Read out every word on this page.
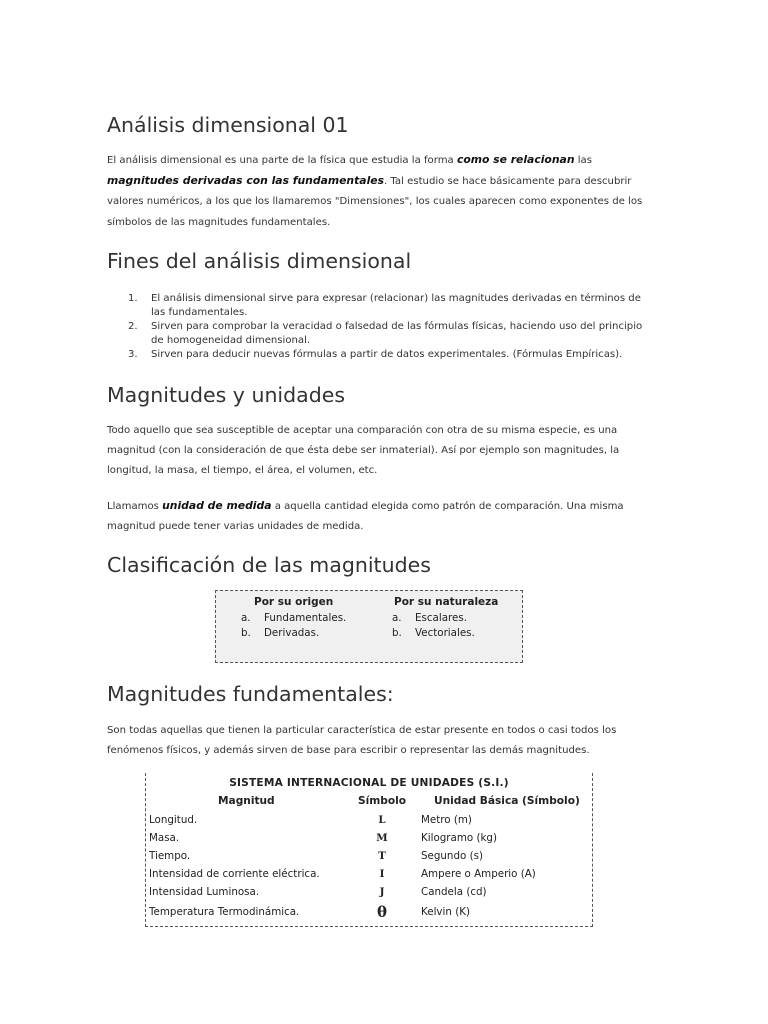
Análisis dimensional 01

El análisis dimensional es una parte de la física que estudia la forma como se relacionan las magnitudes derivadas con las fundamentales. Tal estudio se hace básicamente para descubrir valores numéricos, a los que los llamaremos "Dimensiones", los cuales aparecen como exponentes de los símbolos de las magnitudes fundamentales.

Fines del análisis dimensional
1. El análisis dimensional sirve para expresar (relacionar) las magnitudes derivadas en términos de las fundamentales.
2. Sirven para comprobar la veracidad o falsedad de las fórmulas físicas, haciendo uso del principio de homogeneidad dimensional.
3. Sirven para deducir nuevas fórmulas a partir de datos experimentales. (Fórmulas Empíricas).
Magnitudes y unidades

Todo aquello que sea susceptible de aceptar una comparación con otra de su misma especie, es una magnitud (con la consideración de que ésta debe ser inmaterial). Así por ejemplo son magnitudes, la longitud, la masa, el tiempo, el área, el volumen, etc.

Llamamos unidad de medida a aquella cantidad elegida como patrón de comparación. Una misma magnitud puede tener varias unidades de medida.

Clasificación de las magnitudes
Por su origen
a. Fundamentales.
b. Derivadas.
Por su naturaleza
a. Escalares.
b. Vectoriales.
Magnitudes fundamentales:

Son todas aquellas que tienen la particular característica de estar presente en todos o casi todos los fenómenos físicos, y además sirven de base para escribir o representar las demás magnitudes.

SISTEMA INTERNACIONAL DE UNIDADES (S.I.)
Magnitud	Símbolo	Unidad Básica (Símbolo)
Longitud.	L	Metro (m)
Masa.	M	Kilogramo (kg)
Tiempo.	T	Segundo (s)
Intensidad de corriente eléctrica.	I	Ampere o Amperio (A)
Intensidad Luminosa.	J	Candela (cd)
Temperatura Termodinámica.	θ	Kelvin (K)
